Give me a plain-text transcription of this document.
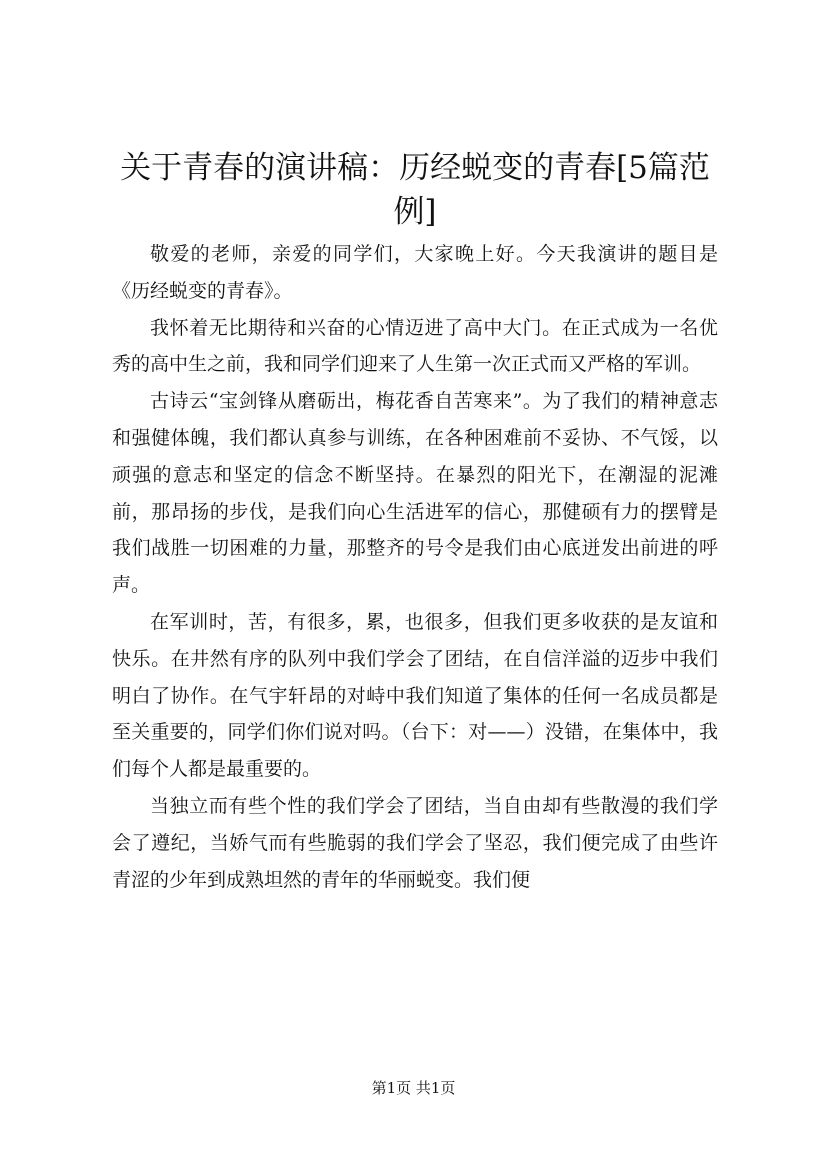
关于青春的演讲稿：历经蜕变的青春[5篇范例]

敬爱的老师，亲爱的同学们，大家晚上好。今天我演讲的题目是《历经蜕变的青春》。

我怀着无比期待和兴奋的心情迈进了高中大门。在正式成为一名优秀的高中生之前，我和同学们迎来了人生第一次正式而又严格的军训。

古诗云“宝剑锋从磨砺出，梅花香自苦寒来”。为了我们的精神意志和强健体魄，我们都认真参与训练，在各种困难前不妥协、不气馁，以顽强的意志和坚定的信念不断坚持。在暴烈的阳光下，在潮湿的泥滩前，那昂扬的步伐，是我们向心生活进军的信心，那健硕有力的摆臂是我们战胜一切困难的力量，那整齐的号令是我们由心底迸发出前进的呼声。

在军训时，苦，有很多，累，也很多，但我们更多收获的是友谊和快乐。在井然有序的队列中我们学会了团结，在自信洋溢的迈步中我们明白了协作。在气宇轩昂的对峙中我们知道了集体的任何一名成员都是至关重要的，同学们你们说对吗。（台下：对——）没错，在集体中，我们每个人都是最重要的。

当独立而有些个性的我们学会了团结，当自由却有些散漫的我们学会了遵纪，当娇气而有些脆弱的我们学会了坚忍，我们便完成了由些许青涩的少年到成熟坦然的青年的华丽蜕变。我们便

第1页 共1页
